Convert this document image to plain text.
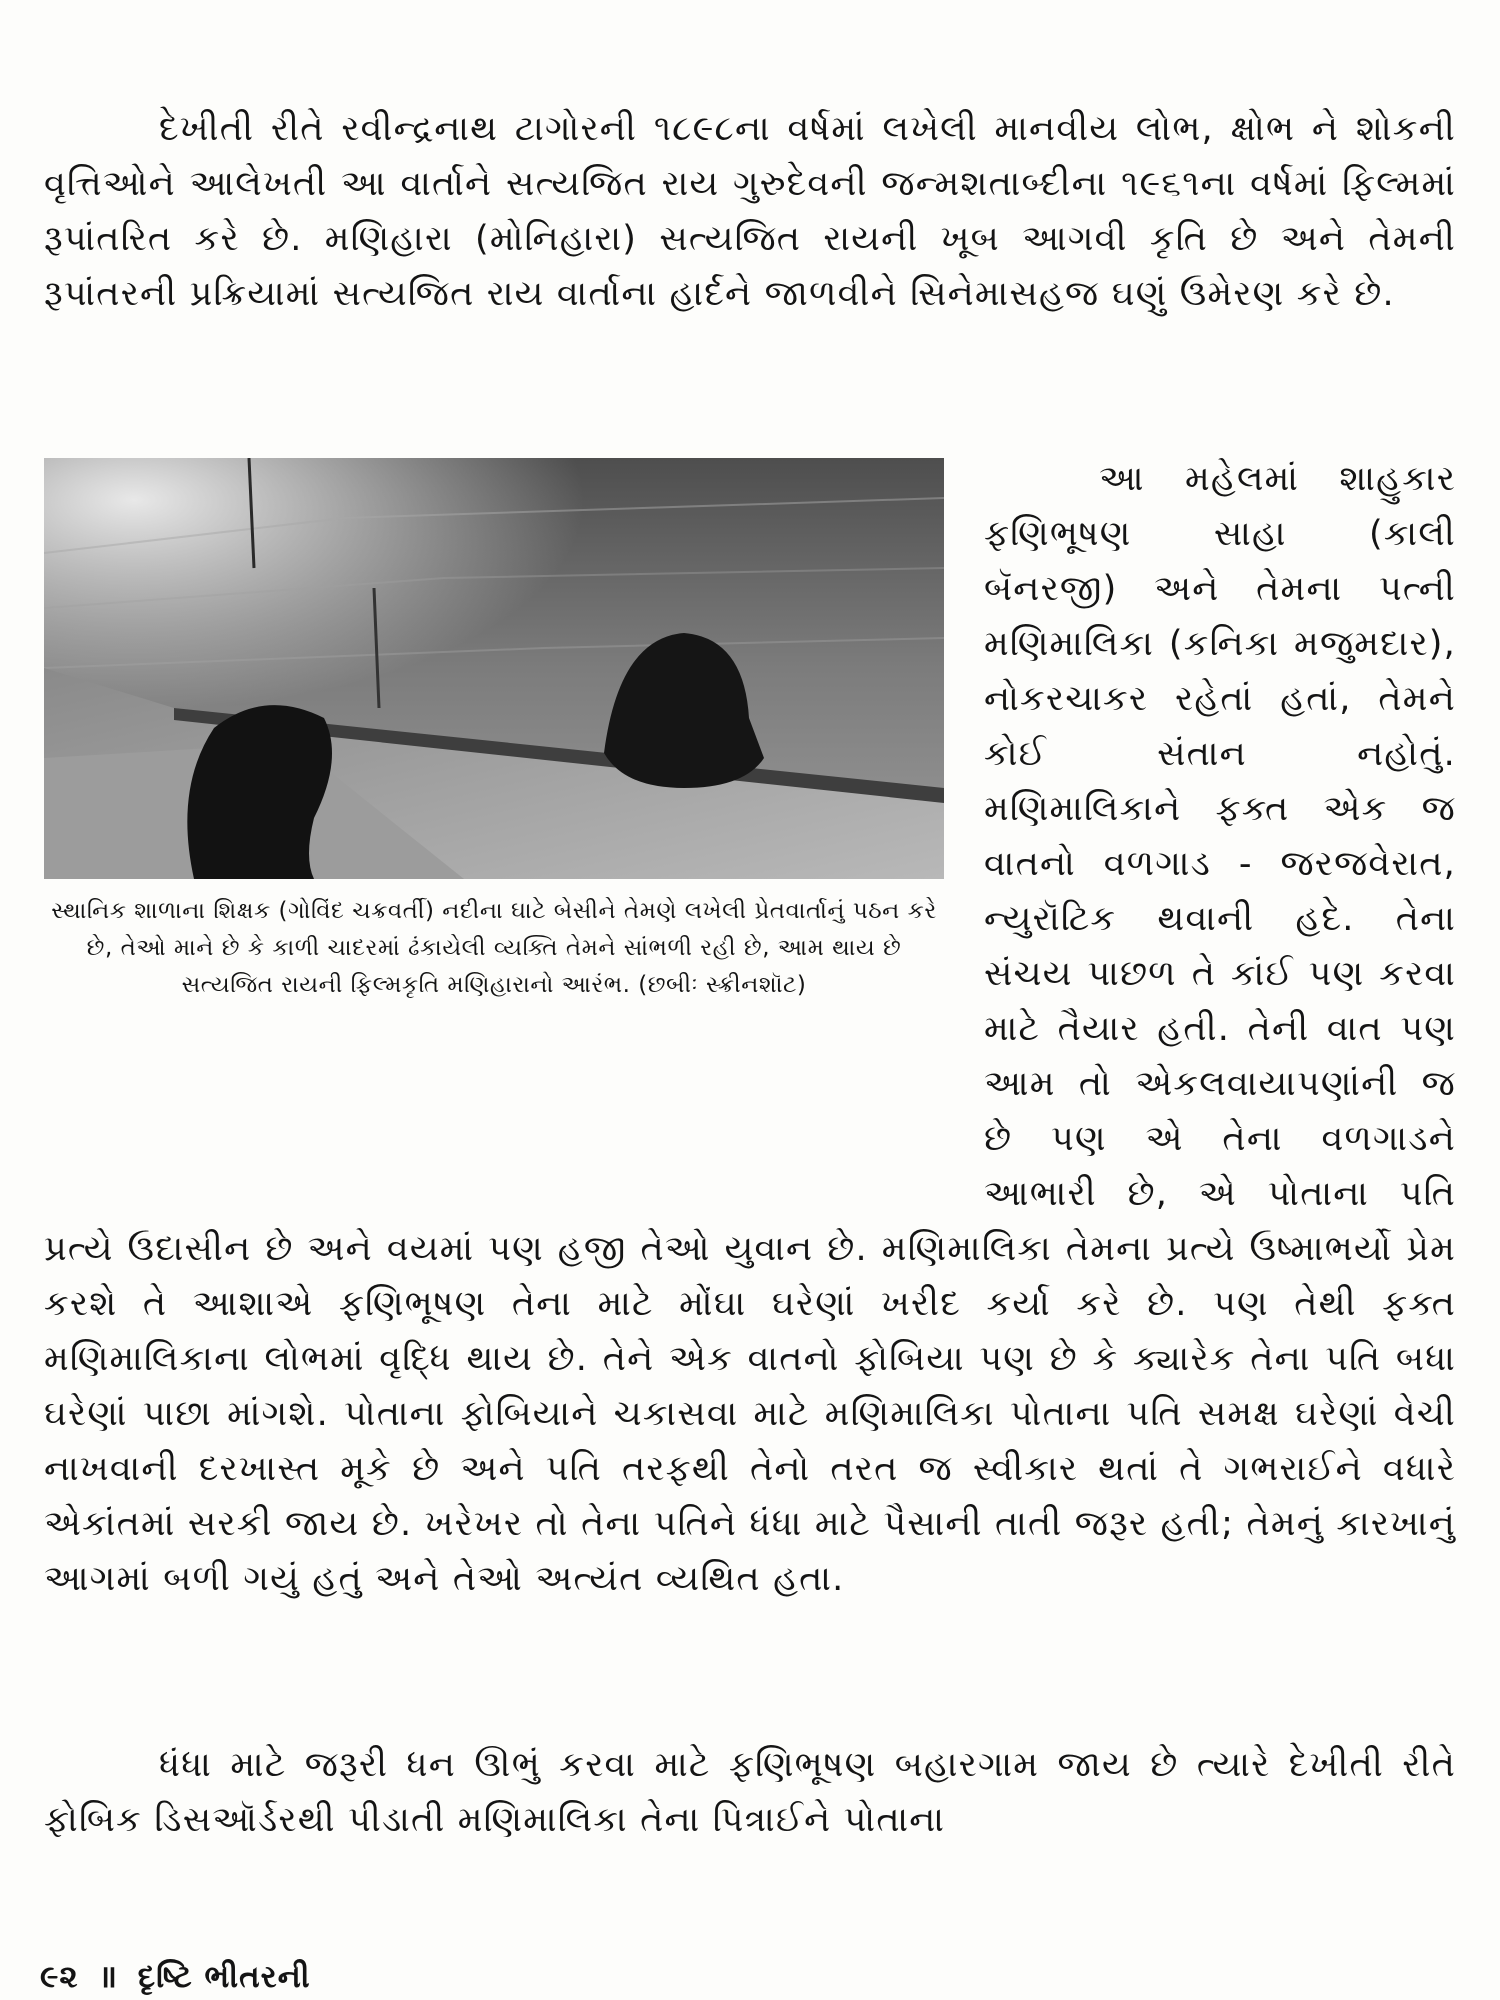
દેખીતી રીતે રવીન્દ્રનાથ ટાગોરની ૧૮૯૮ના વર્ષમાં લખેલી માનવીય લોભ, ક્ષોભ ને શોકની વૃત્તિઓને આલેખતી આ વાર્તાને સત્યજિત રાય ગુરુદેવની જન્મશતાબ્દીના ૧૯૬૧ના વર્ષમાં ફિલ્મમાં રૂપાંતરિત કરે છે. મણિહારા (મોનિહારા) સત્યજિત રાયની ખૂબ આગવી કૃતિ છે અને તેમની રૂપાંતરની પ્રક્રિયામાં સત્યજિત રાય વાર્તાના હાર્દને જાળવીને સિનેમાસહજ ઘણું ઉમેરણ કરે છે.

સ્થાનિક શાળાના શિક્ષક (ગોવિંદ ચક્રવર્તી) નદીના ઘાટે બેસીને તેમણે લખેલી પ્રેતવાર્તાનું પઠન કરે છે, તેઓ માને છે કે કાળી ચાદરમાં ઢંકાયેલી વ્યક્તિ તેમને સાંભળી રહી છે, આમ થાય છે સત્યજિત રાયની ફિલ્મકૃતિ મણિહારાનો આરંભ. (છબીઃ સ્ક્રીનશૉટ)
આ મહેલમાં શાહુકાર ફણિભૂષણ સાહા (કાલી બૅનરજી) અને તેમના પત્ની મણિમાલિકા (કનિકા મજુમદાર), નોકરચાકર રહેતાં હતાં, તેમને કોઈ સંતાન નહોતું. મણિમાલિકાને ફક્ત એક જ વાતનો વળગાડ - જરજવેરાત, ન્યુરૉટિક થવાની હદે. તેના સંચય પાછળ તે કાંઈ પણ કરવા માટે તૈયાર હતી. તેની વાત પણ આમ તો એકલવાયાપણાંની જ છે પણ એ તેના વળગાડને આભારી છે, એ પોતાના પતિ પ્રત્યે ઉદાસીન છે અને વયમાં પણ હજી તેઓ યુવાન છે. મણિમાલિકા તેમના પ્રત્યે ઉષ્માભર્યો પ્રેમ કરશે તે આશાએ ફણિભૂષણ તેના માટે મોંઘા ઘરેણાં ખરીદ કર્યા કરે છે. પણ તેથી ફક્ત મણિમાલિકાના લોભમાં વૃદ્ધિ થાય છે. તેને એક વાતનો ફોબિયા પણ છે કે ક્યારેક તેના પતિ બધા ઘરેણાં પાછા માંગશે. પોતાના ફોબિયાને ચકાસવા માટે મણિમાલિકા પોતાના પતિ સમક્ષ ઘરેણાં વેચી નાખવાની દરખાસ્ત મૂકે છે અને પતિ તરફથી તેનો તરત જ સ્વીકાર થતાં તે ગભરાઈને વધારે એકાંતમાં સરકી જાય છે. ખરેખર તો તેના પતિને ધંધા માટે પૈસાની તાતી જરૂર હતી; તેમનું કારખાનું આગમાં બળી ગયું હતું અને તેઓ અત્યંત વ્યથિત હતા.

ધંધા માટે જરૂરી ધન ઊભું કરવા માટે ફણિભૂષણ બહારગામ જાય છે ત્યારે દેખીતી રીતે ફોબિક ડિસઑર્ડરથી પીડાતી મણિમાલિકા તેના પિત્રાઈને પોતાના

૯૨ ॥ દૃષ્ટિ ભીતરની
